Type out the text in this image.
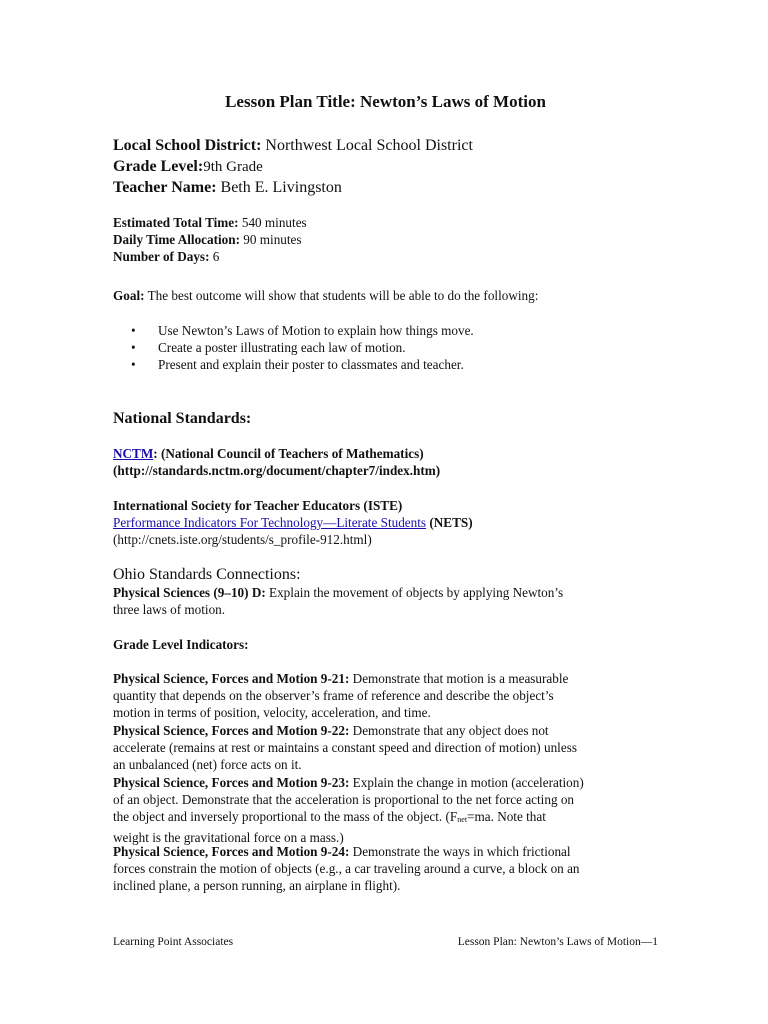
Lesson Plan Title: Newton’s Laws of Motion
Local School District: Northwest Local School District
Grade Level:9th Grade
Teacher Name: Beth E. Livingston
Estimated Total Time: 540 minutes
Daily Time Allocation: 90 minutes
Number of Days: 6
Goal: The best outcome will show that students will be able to do the following:
• Use Newton’s Laws of Motion to explain how things move.
• Create a poster illustrating each law of motion.
• Present and explain their poster to classmates and teacher.
National Standards:
NCTM: (National Council of Teachers of Mathematics)
(http://standards.nctm.org/document/chapter7/index.htm)
International Society for Teacher Educators (ISTE)
Performance Indicators For Technology—Literate Students (NETS)
(http://cnets.iste.org/students/s_profile-912.html)
Ohio Standards Connections:
Physical Sciences (9–10) D: Explain the movement of objects by applying Newton’s
three laws of motion.
Grade Level Indicators:
Physical Science, Forces and Motion 9-21: Demonstrate that motion is a measurable
quantity that depends on the observer’s frame of reference and describe the object’s
motion in terms of position, velocity, acceleration, and time.
Physical Science, Forces and Motion 9-22: Demonstrate that any object does not
accelerate (remains at rest or maintains a constant speed and direction of motion) unless
an unbalanced (net) force acts on it.
Physical Science, Forces and Motion 9-23: Explain the change in motion (acceleration)
of an object. Demonstrate that the acceleration is proportional to the net force acting on
the object and inversely proportional to the mass of the object. ($F_{net}=ma$. Note that
weight is the gravitational force on a mass.)
Physical Science, Forces and Motion 9-24: Demonstrate the ways in which frictional
forces constrain the motion of objects (e.g., a car traveling around a curve, a block on an
inclined plane, a person running, an airplane in flight).
Learning Point Associates	Lesson Plan: Newton’s Laws of Motion—1
